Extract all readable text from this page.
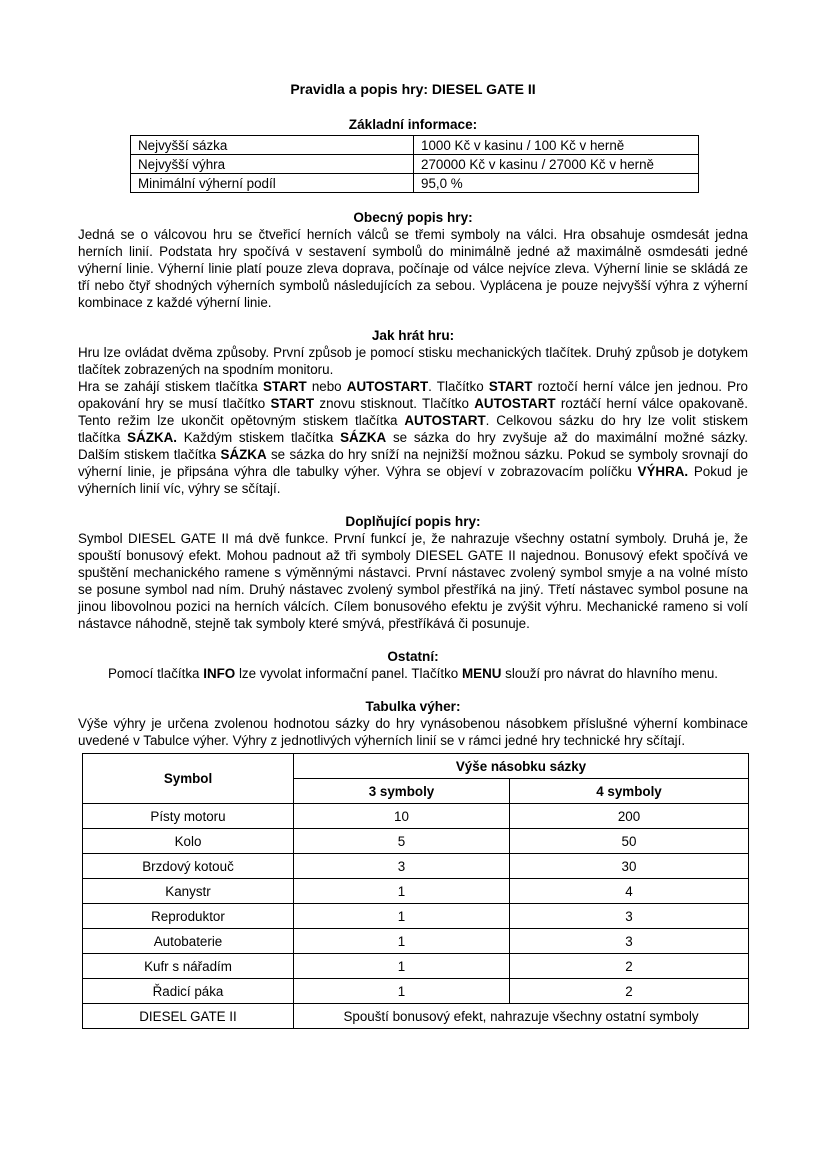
Pravidla a popis hry: DIESEL GATE II
Základní informace:
Nejvyšší sázka	1000 Kč v kasinu / 100 Kč v herně
Nejvyšší výhra	270000 Kč v kasinu / 27000 Kč v herně
Minimální výherní podíl	95,0 %
Obecný popis hry:

Jedná se o válcovou hru se čtveřicí herních válců se třemi symboly na válci. Hra obsahuje osmdesát jedna herních linií. Podstata hry spočívá v sestavení symbolů do minimálně jedné až maximálně osmdesáti jedné výherní linie. Výherní linie platí pouze zleva doprava, počínaje od válce nejvíce zleva. Výherní linie se skládá ze tří nebo čtyř shodných výherních symbolů následujících za sebou. Vyplácena je pouze nejvyšší výhra z výherní kombinace z každé výherní linie.

Jak hrát hru:

Hru lze ovládat dvěma způsoby. První způsob je pomocí stisku mechanických tlačítek. Druhý způsob je dotykem tlačítek zobrazených na spodním monitoru.

Hra se zahájí stiskem tlačítka START nebo AUTOSTART. Tlačítko START roztočí herní válce jen jednou. Pro opakování hry se musí tlačítko START znovu stisknout. Tlačítko AUTOSTART roztáčí herní válce opakovaně. Tento režim lze ukončit opětovným stiskem tlačítka AUTOSTART. Celkovou sázku do hry lze volit stiskem tlačítka SÁZKA. Každým stiskem tlačítka SÁZKA se sázka do hry zvyšuje až do maximální možné sázky. Dalším stiskem tlačítka SÁZKA se sázka do hry sníží na nejnižší možnou sázku. Pokud se symboly srovnají do výherní linie, je připsána výhra dle tabulky výher. Výhra se objeví v zobrazovacím políčku VÝHRA. Pokud je výherních linií víc, výhry se sčítají.

Doplňující popis hry:

Symbol DIESEL GATE II má dvě funkce. První funkcí je, že nahrazuje všechny ostatní symboly. Druhá je, že spouští bonusový efekt. Mohou padnout až tři symboly DIESEL GATE II najednou. Bonusový efekt spočívá ve spuštění mechanického ramene s výměnnými nástavci. První nástavec zvolený symbol smyje a na volné místo se posune symbol nad ním. Druhý nástavec zvolený symbol přestříká na jiný. Třetí nástavec symbol posune na jinou libovolnou pozici na herních válcích. Cílem bonusového efektu je zvýšit výhru. Mechanické rameno si volí nástavce náhodně, stejně tak symboly které smývá, přestříkává či posunuje.

Ostatní:

Pomocí tlačítka INFO lze vyvolat informační panel. Tlačítko MENU slouží pro návrat do hlavního menu.

Tabulka výher:

Výše výhry je určena zvolenou hodnotou sázky do hry vynásobenou násobkem příslušné výherní kombinace uvedené v Tabulce výher. Výhry z jednotlivých výherních linií se v rámci jedné hry technické hry sčítají.

Symbol	Výše násobku sázky	
	3 symboly	4 symboly
Písty motoru	10	200
Kolo	5	50
Brzdový kotouč	3	30
Kanystr	1	4
Reproduktor	1	3
Autobaterie	1	3
Kufr s nářadím	1	2
Řadicí páka	1	2
DIESEL GATE II	Spouští bonusový efekt, nahrazuje všechny ostatní symboly	
